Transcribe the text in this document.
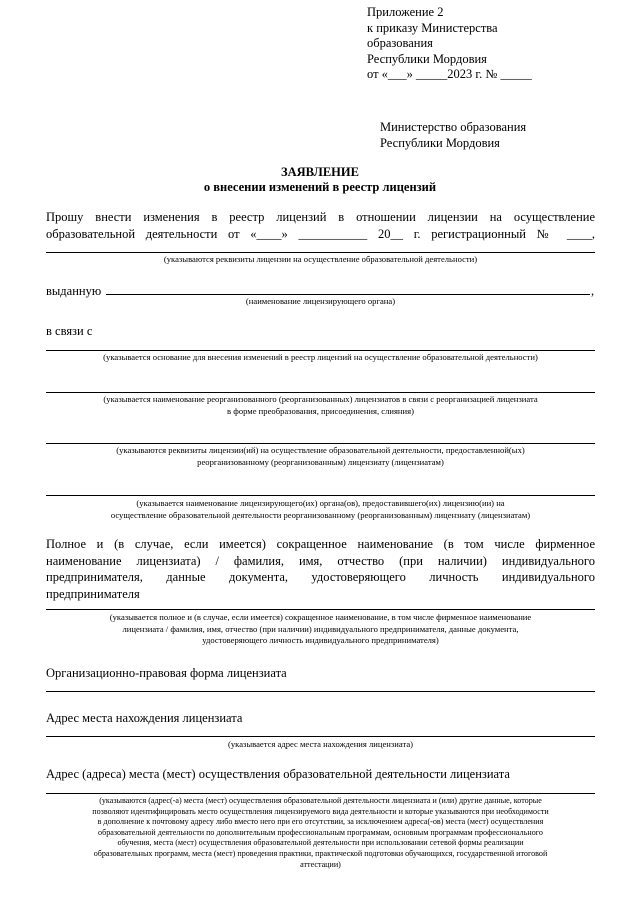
Приложение 2
к приказу Министерства
образования
Республики Мордовия
от «___» _____2023 г. № _____
Министерство образования
Республики Мордовия
ЗАЯВЛЕНИЕ
о внесении изменений в реестр лицензий
Прошу внести изменения в реестр лицензий в отношении лицензии на осуществление
образовательной деятельности от «____» ___________ 20__ г. регистрационный № ____,
(указываются реквизиты лицензии на осуществление образовательной деятельности)
выданную	,
(наименование лицензирующего органа)
в связи с
(указывается основание для внесения изменений в реестр лицензий на осуществление образовательной деятельности)
(указывается наименование реорганизованного (реорганизованных) лицензиатов в связи с реорганизацией лицензиата
в форме преобразования, присоединения, слияния)
(указываются реквизиты лицензии(ий) на осуществление образовательной деятельности, предоставленной(ых)
реорганизованному (реорганизованным) лицензиату (лицензиатам)
(указывается наименование лицензирующего(их) органа(ов), предоставившего(их) лицензию(ии) на
осуществление образовательной деятельности реорганизованному (реорганизованным) лицензиату (лицензиатам)
Полное и (в случае, если имеется) сокращенное наименование (в том числе фирменное
наименование лицензиата) / фамилия, имя, отчество (при наличии) индивидуального
предпринимателя, данные документа, удостоверяющего личность индивидуального
предпринимателя
(указывается полное и (в случае, если имеется) сокращенное наименование, в том числе фирменное наименование
лицензиата / фамилия, имя, отчество (при наличии) индивидуального предпринимателя, данные документа,
удостоверяющего личность индивидуального предпринимателя)
Организационно-правовая форма лицензиата
Адрес места нахождения лицензиата
(указывается адрес места нахождения лицензиата)
Адрес (адреса) места (мест) осуществления образовательной деятельности лицензиата
(указываются (адрес(-а) места (мест) осуществления образовательной деятельности лицензиата и (или) другие данные, которые
позволяют идентифицировать место осуществления лицензируемого вида деятельности и которые указываются при необходимости
в дополнение к почтовому адресу либо вместо него при его отсутствии, за исключением адреса(-ов) места (мест) осуществления
образовательной деятельности по дополнительным профессиональным программам, основным программам профессионального
обучения, места (мест) осуществления образовательной деятельности при использовании сетевой формы реализации
образовательных программ, места (мест) проведения практики, практической подготовки обучающихся, государственной итоговой
аттестации)
